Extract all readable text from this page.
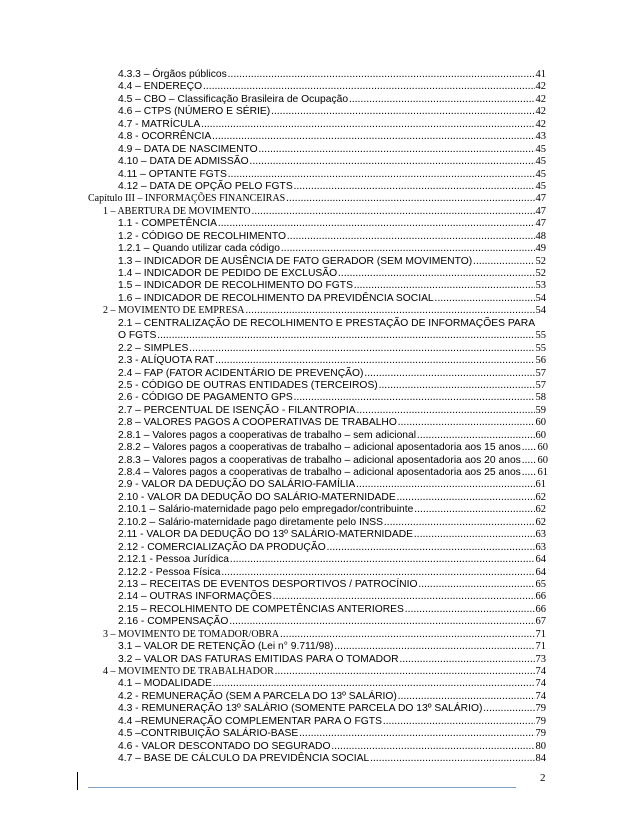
4.3.3 – Órgãos públicos .....	41
4.4 – ENDEREÇO .....	42
4.5 – CBO – Classificação Brasileira de Ocupação .....	42
4.6 – CTPS (NÚMERO E SÉRIE) .....	42
4.7 - MATRÍCULA .....	42
4.8 - OCORRÊNCIA .....	43
4.9 – DATA DE NASCIMENTO .....	45
4.10 – DATA DE ADMISSÃO .....	45
4.11 – OPTANTE FGTS .....	45
4.12 – DATA DE OPÇÃO PELO FGTS .....	45
Capítulo III – INFORMAÇÕES FINANCEIRAS .....	47
1 – ABERTURA DE MOVIMENTO .....	47
1.1 - COMPETÊNCIA .....	47
1.2 - CÓDIGO DE RECOLHIMENTO .....	48
1.2.1 – Quando utilizar cada código .....	49
1.3 – INDICADOR DE AUSÊNCIA DE FATO GERADOR (SEM MOVIMENTO) .....	52
1.4 – INDICADOR DE PEDIDO DE EXCLUSÃO .....	52
1.5 – INDICADOR DE RECOLHIMENTO DO FGTS .....	53
1.6 – INDICADOR DE RECOLHIMENTO DA PREVIDÊNCIA SOCIAL .....	54
2 – MOVIMENTO DE EMPRESA .....	54
2.1 – CENTRALIZAÇÃO DE RECOLHIMENTO E PRESTAÇÃO DE INFORMAÇÕES PARA
O FGTS .....	55
2.2 – SIMPLES .....	55
2.3 - ALÍQUOTA RAT .....	56
2.4 – FAP (FATOR ACIDENTÁRIO DE PREVENÇÃO) .....	57
2.5 - CÓDIGO DE OUTRAS ENTIDADES (TERCEIROS) .....	57
2.6 - CÓDIGO DE PAGAMENTO GPS .....	58
2.7 – PERCENTUAL DE ISENÇÃO - FILANTROPIA .....	59
2.8 – VALORES PAGOS A COOPERATIVAS DE TRABALHO .....	60
2.8.1 – Valores pagos a cooperativas de trabalho – sem adicional .....	60
2.8.2 – Valores pagos a cooperativas de trabalho – adicional aposentadoria aos 15 anos ..... 60
2.8.3 – Valores pagos a cooperativas de trabalho – adicional aposentadoria aos 20 anos ..... 60
2.8.4 – Valores pagos a cooperativas de trabalho – adicional aposentadoria aos 25 anos ..... 61
2.9 - VALOR DA DEDUÇÃO DO SALÁRIO-FAMÍLIA .....	61
2.10 - VALOR DA DEDUÇÃO DO SALÁRIO-MATERNIDADE .....	62
2.10.1 – Salário-maternidade pago pelo empregador/contribuinte .....	62
2.10.2 – Salário-maternidade pago diretamente pelo INSS .....	62
2.11 - VALOR DA DEDUÇÃO DO 13º SALÁRIO-MATERNIDADE .....	63
2.12 - COMERCIALIZAÇÃO DA PRODUÇÃO .....	63
2.12.1 - Pessoa Jurídica .....	64
2.12.2 - Pessoa Física .....	64
2.13 – RECEITAS DE EVENTOS DESPORTIVOS / PATROCÍNIO .....	65
2.14 – OUTRAS INFORMAÇÕES .....	66
2.15 – RECOLHIMENTO DE COMPETÊNCIAS ANTERIORES .....	66
2.16 - COMPENSAÇÃO .....	67
3 – MOVIMENTO DE TOMADOR/OBRA .....	71
3.1 – VALOR DE RETENÇÃO (Lei n° 9.711/98) .....	71
3.2 – VALOR DAS FATURAS EMITIDAS PARA O TOMADOR .....	73
4 – MOVIMENTO DE TRABALHADOR .....	74
4.1 – MODALIDADE .....	74
4.2 - REMUNERAÇÃO (SEM A PARCELA DO 13º SALÁRIO) .....	74
4.3 - REMUNERAÇÃO 13º SALÁRIO (SOMENTE PARCELA DO 13º SALÁRIO) .....	79
4.4 –REMUNERAÇÃO COMPLEMENTAR PARA O FGTS .....	79
4.5 –CONTRIBUIÇÃO SALÁRIO-BASE .....	79
4.6 - VALOR DESCONTADO DO SEGURADO .....	80
4.7 – BASE DE CÁLCULO DA PREVIDÊNCIA SOCIAL .....	84
2
